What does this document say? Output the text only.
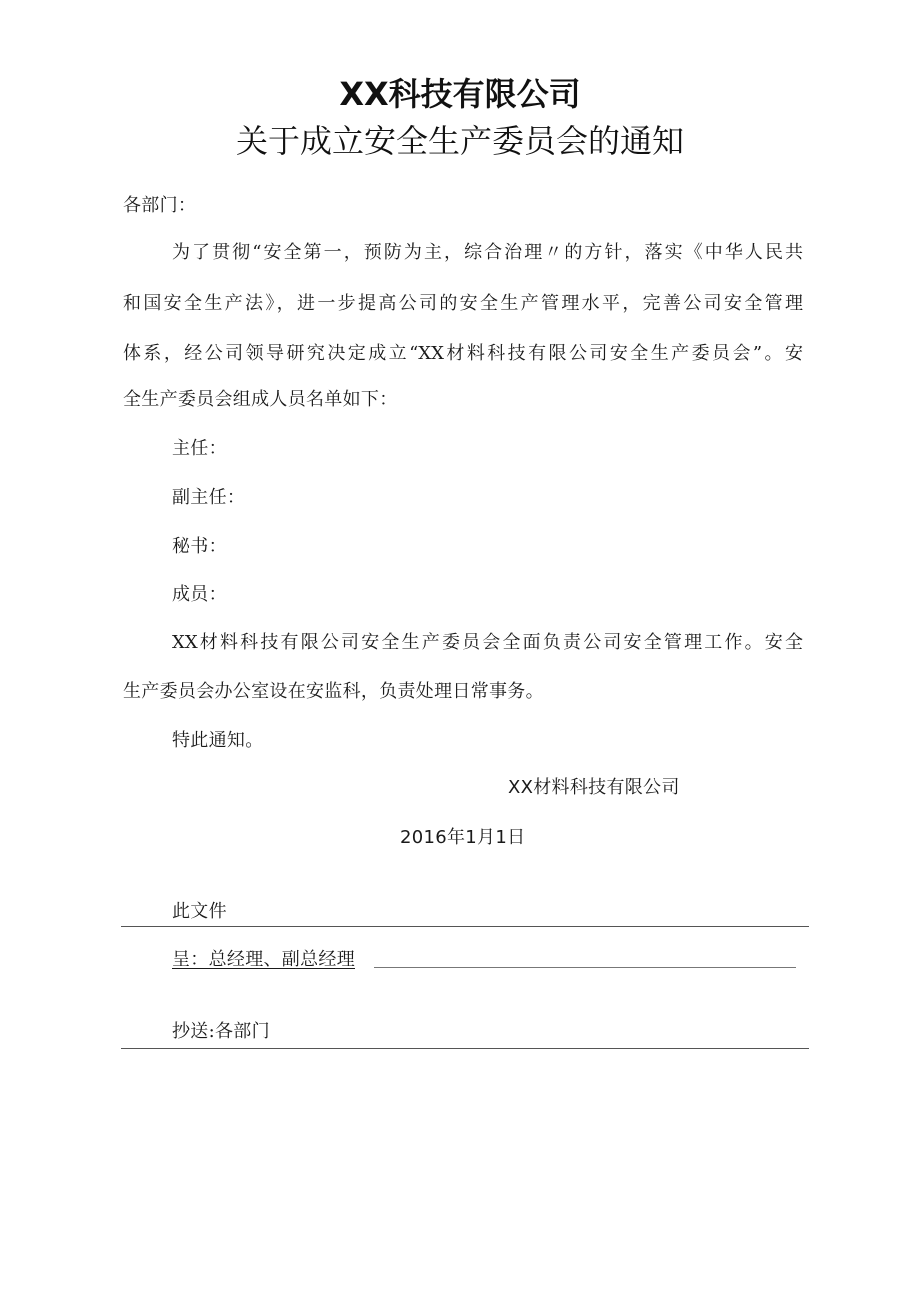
XX科技有限公司
关于成立安全生产委员会的通知
各部门：
为了贯彻“安全第一，预防为主，综合治理〃的方针，落实《中华人民共
和国安全生产法》，进一步提高公司的安全生产管理水平，完善公司安全管理
体系，经公司领导研究决定成立“XX材料科技有限公司安全生产委员会”。安
全生产委员会组成人员名单如下：
主任：
副主任：
秘书：
成员：
XX材料科技有限公司安全生产委员会全面负责公司安全管理工作。安全
生产委员会办公室设在安监科，负责处理日常事务。
特此通知。
XX材料科技有限公司
2016年1月1日
此文件
呈：总经理、副总经理
抄送:各部门
